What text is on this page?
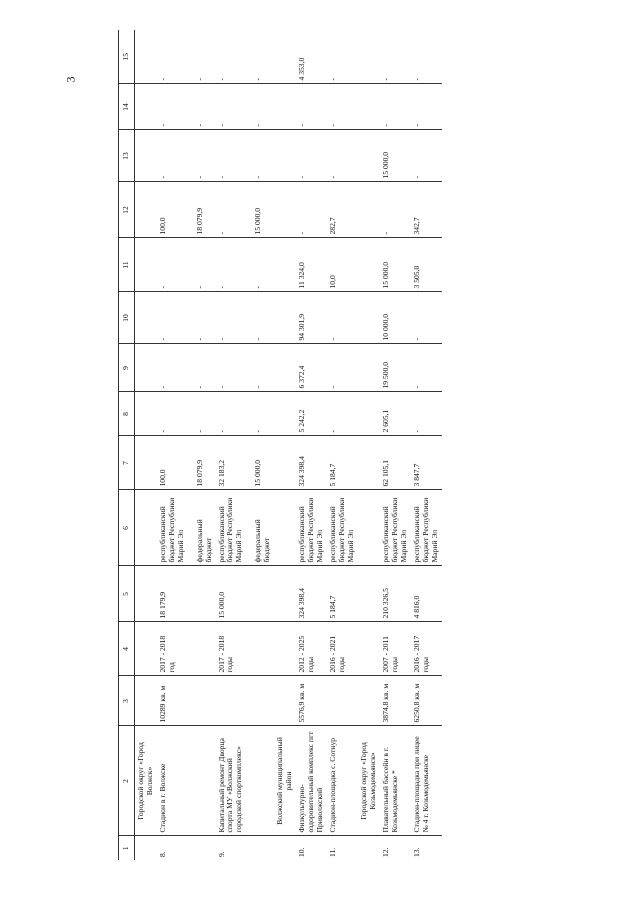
3
1	2	3	4	5	6	7	8	9	10	11	12	13	14	15
	Городской округ «Город Волжск»													
8.	Стадион в г. Волжске	10289 кв. м	2017 - 2018 год	18 179,9	республиканский бюджет Республики Марий Эл	100,0	-	-	-	-	100,0	-	-	-
					федеральный бюджет	18 079,9	-	-	-	-	18 079,9	-	-	-
9.	Капитальный ремонт Дворца спорта МУ «Волжский городской спорткомплекс»		2017 - 2018 годы	15 000,0	республиканский бюджет Республики Марий Эл	32 183,2	-	-	-	-	-	-	-	-
					федеральный бюджет	15 000,0	-	-	-	-	15 000,0	-	-	-
	Волжский муниципальный район													
10.	Физкультурно-оздоровительный комплекс пгт Приволжский	5576,9 кв. м	2012 - 2025 годы	324 398,4	республиканский бюджет Республики Марий Эл	324 398,4	5 242,2	6 372,4	94 301,9	11 324,0	-	-	-	4 353,0
11.	Стадион-площадка с. Сотнур		2016 - 2021 годы	5 184,7	республиканский бюджет Республики Марий Эл	5 184,7	-	-	-	10,0	282,7	-	-	-
	Городской округ «Город Козьмодемьянск»													
12.	Плавательный бассейн в г. Козьмодемьянске *	3874,8 кв. м	2007 - 2011 годы	210 326,5	республиканский бюджет Республики Марий Эл	62 105,1	2 605,1	19 500,0	10 000,0	15 000,0	-	15 000,0	-	-
13.	Стадион-площадка при лицее № 4 г. Козьмодемьянске	6250,8 кв. м	2016 - 2017 годы	4 816,0	республиканский бюджет Республики Марий Эл	3 847,7	-	-	-	3 505,0	342,7	-	-	-
